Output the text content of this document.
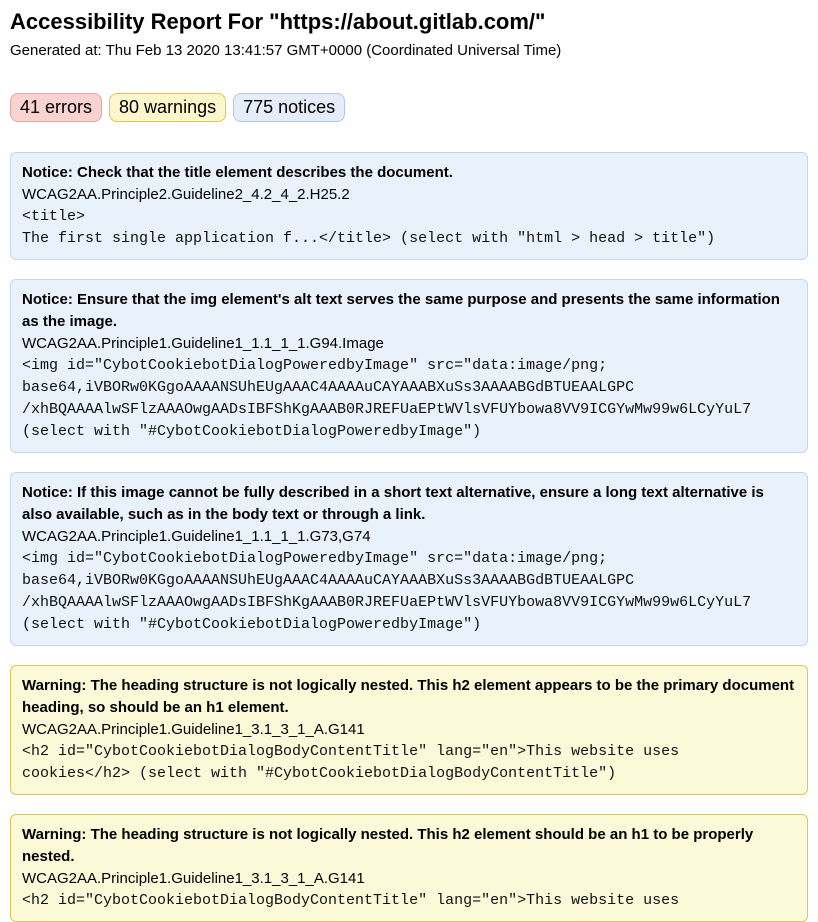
Accessibility Report For "https://about.gitlab.com/"

Generated at: Thu Feb 13 2020 13:41:57 GMT+0000 (Coordinated Universal Time)

41 errors	80 warnings	775 notices
Notice: Check that the title element describes the document.

WCAG2AA.Principle2.Guideline2_4.2_4_2.H25.2

<title>
The first single application f...</title> (select with "html > head > title")
Notice: Ensure that the img element's alt text serves the same purpose and presents the same information as the image.

WCAG2AA.Principle1.Guideline1_1.1_1_1.G94.Image

<img id="CybotCookiebotDialogPoweredbyImage" src="data:image/png;
base64,iVBORw0KGgoAAAANSUhEUgAAAC4AAAAuCAYAAABXuSs3AAAABGdBTUEAALGPC
/xhBQAAAAlwSFlzAAAOwgAADsIBFShKgAAAB0RJREFUaEPtWVlsVFUYbowa8VV9ICGYwMw99w6LCyYuL7
(select with "#CybotCookiebotDialogPoweredbyImage")
Notice: If this image cannot be fully described in a short text alternative, ensure a long text alternative is also available, such as in the body text or through a link.

WCAG2AA.Principle1.Guideline1_1.1_1_1.G73,G74

<img id="CybotCookiebotDialogPoweredbyImage" src="data:image/png;
base64,iVBORw0KGgoAAAANSUhEUgAAAC4AAAAuCAYAAABXuSs3AAAABGdBTUEAALGPC
/xhBQAAAAlwSFlzAAAOwgAADsIBFShKgAAAB0RJREFUaEPtWVlsVFUYbowa8VV9ICGYwMw99w6LCyYuL7
(select with "#CybotCookiebotDialogPoweredbyImage")
Warning: The heading structure is not logically nested. This h2 element appears to be the primary document heading, so should be an h1 element.

WCAG2AA.Principle1.Guideline1_3.1_3_1_A.G141

<h2 id="CybotCookiebotDialogBodyContentTitle" lang="en">This website uses
cookies</h2> (select with "#CybotCookiebotDialogBodyContentTitle")
Warning: The heading structure is not logically nested. This h2 element should be an h1 to be properly nested.

WCAG2AA.Principle1.Guideline1_3.1_3_1_A.G141

<h2 id="CybotCookiebotDialogBodyContentTitle" lang="en">This website uses
